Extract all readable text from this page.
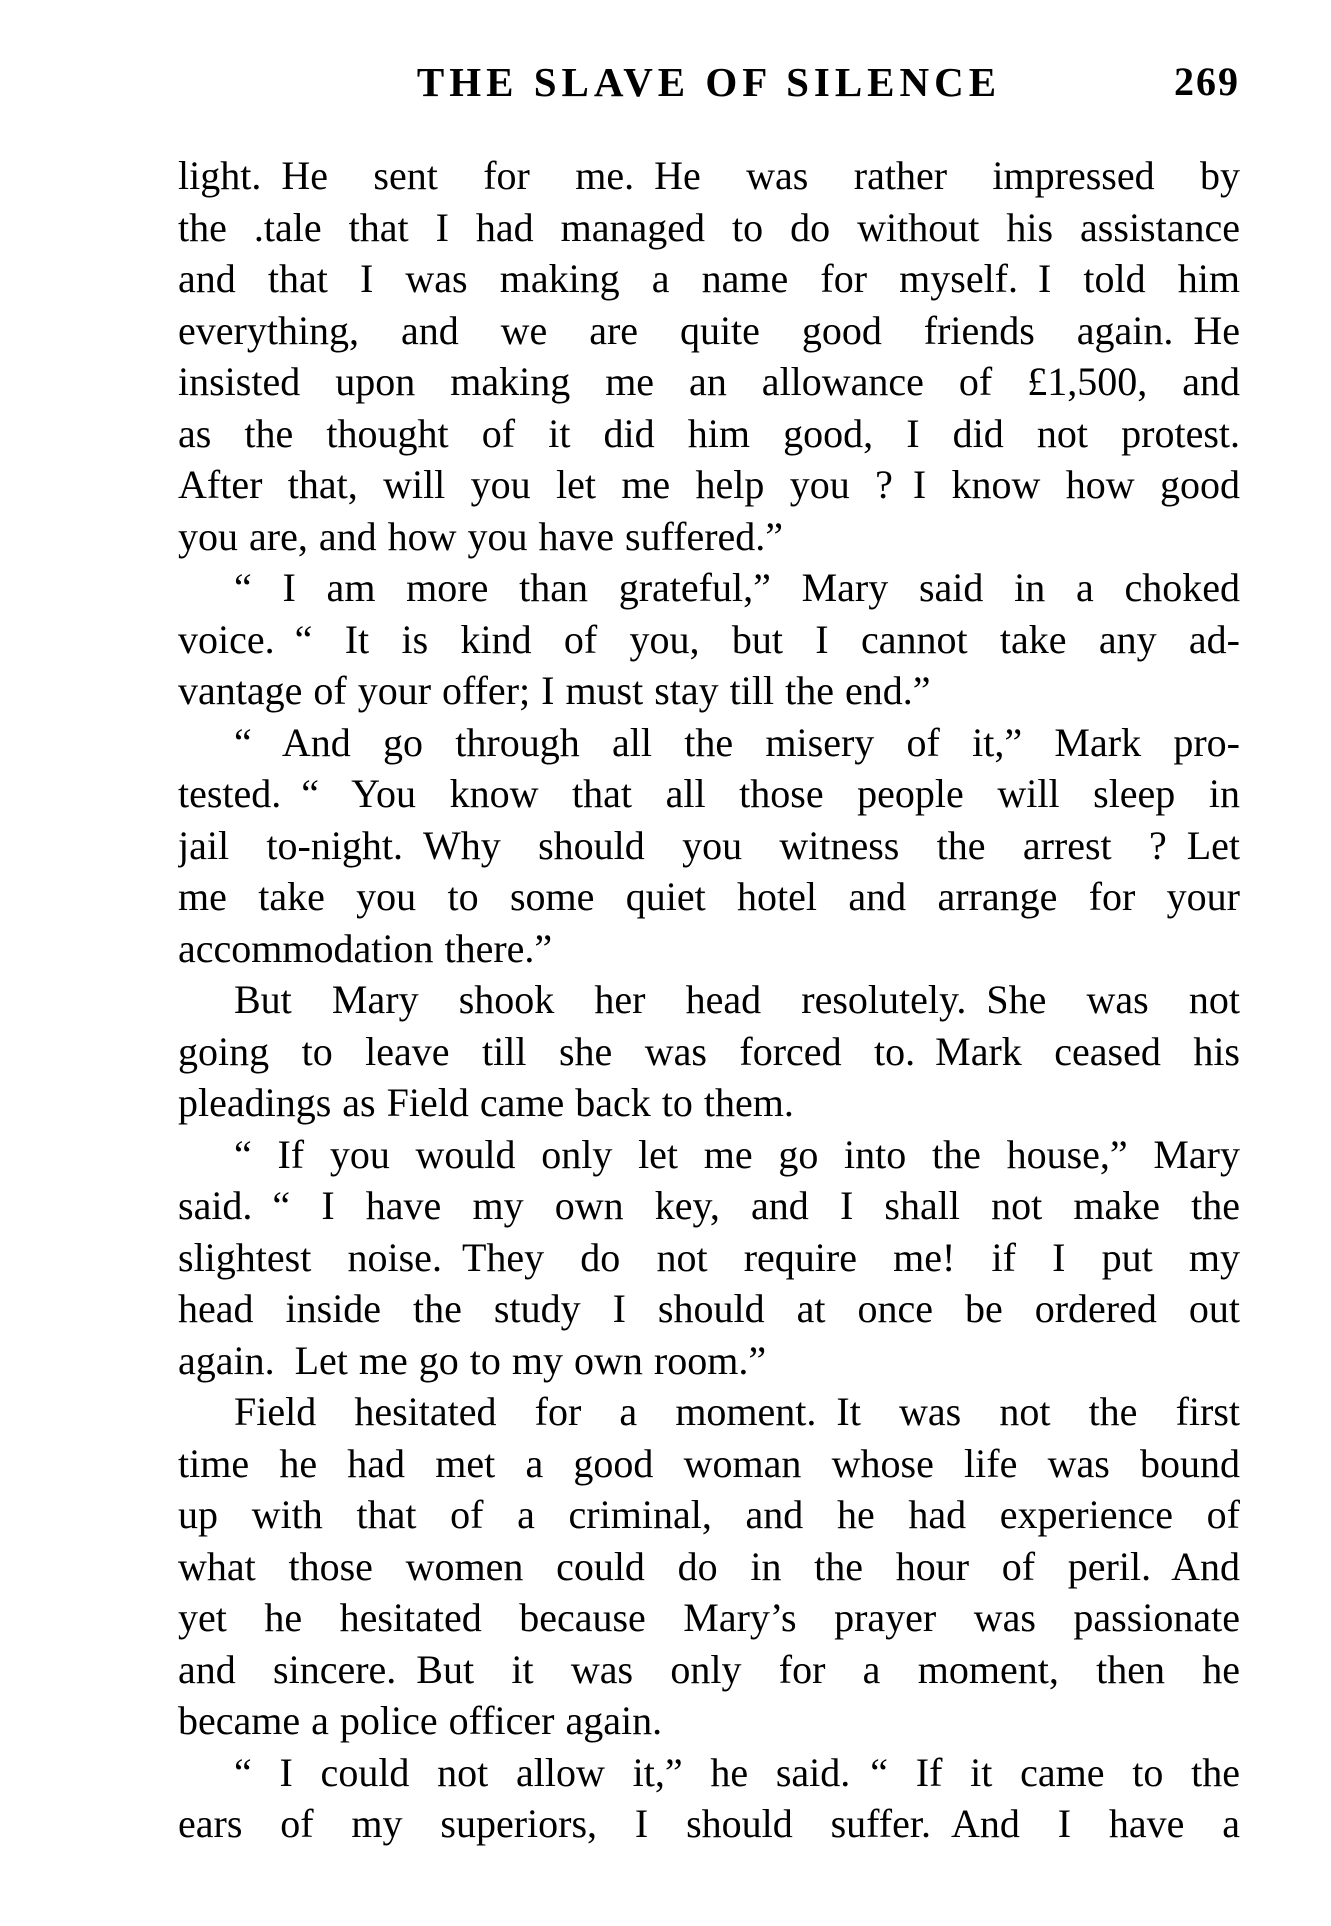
THE SLAVE OF SILENCE	269
light. He sent for me. He was rather impressed by
the .tale that I had managed to do without his assistance
and that I was making a name for myself. I told him
everything, and we are quite good friends again. He
insisted upon making me an allowance of £1,500, and
as the thought of it did him good, I did not protest.
After that, will you let me help you ? I know how good
you are, and how you have suffered.”
“ I am more than grateful,” Mary said in a choked
voice. “ It is kind of you, but I cannot take any ad-
vantage of your offer; I must stay till the end.”
“ And go through all the misery of it,” Mark pro-
tested. “ You know that all those people will sleep in
jail to-night. Why should you witness the arrest ? Let
me take you to some quiet hotel and arrange for your
accommodation there.”
But Mary shook her head resolutely. She was not
going to leave till she was forced to. Mark ceased his
pleadings as Field came back to them.
“ If you would only let me go into the house,” Mary
said. “ I have my own key, and I shall not make the
slightest noise. They do not require me! if I put my
head inside the study I should at once be ordered out
again. Let me go to my own room.”
Field hesitated for a moment. It was not the first
time he had met a good woman whose life was bound
up with that of a criminal, and he had experience of
what those women could do in the hour of peril. And
yet he hesitated because Mary’s prayer was passionate
and sincere. But it was only for a moment, then he
became a police officer again.
“ I could not allow it,” he said. “ If it came to the
ears of my superiors, I should suffer. And I have a
